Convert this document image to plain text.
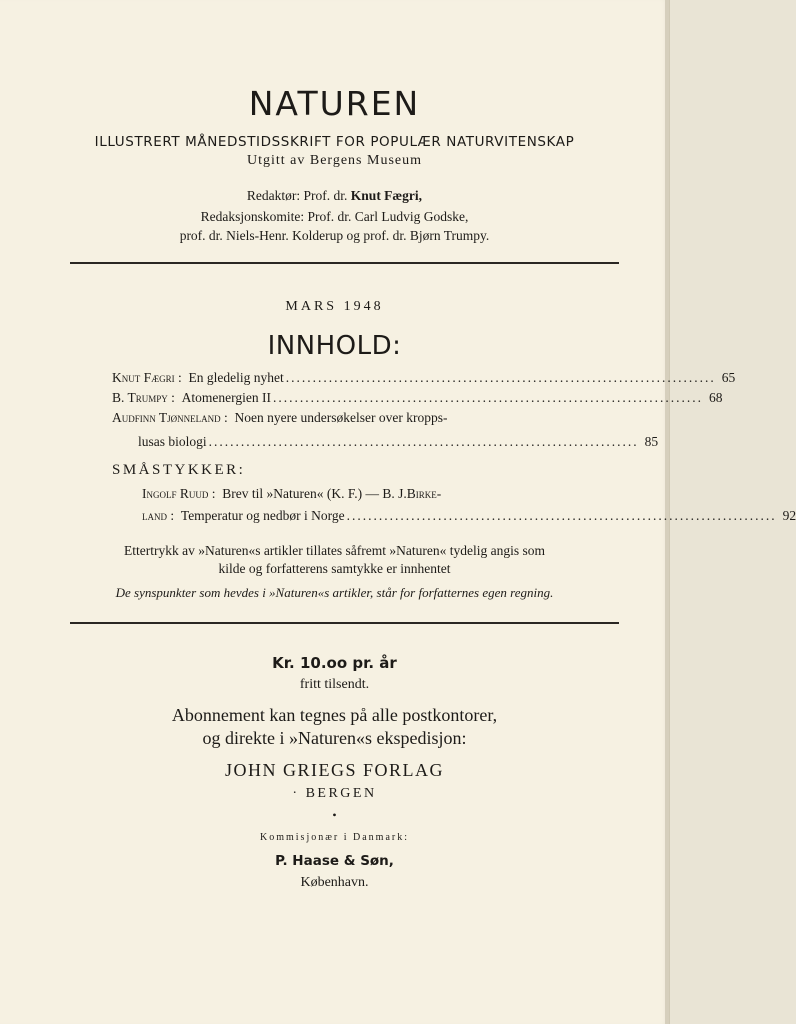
NATUREN
ILLUSTRERT MÅNEDSTIDSSKRIFT FOR POPULÆR NATURVITENSKAP
Utgitt av Bergens Museum
Redaktør: Prof. dr. Knut Fægri,
Redaksjonskomite: Prof. dr. Carl Ludvig Godske,
prof. dr. Niels-Henr. Kolderup og prof. dr. Bjørn Trumpy.
MARS 1948
INNHOLD:
Knut Fægri : En gledelig nyhet ................................................................................ 65
B. Trumpy : Atomenergien II ................................................................................ 68
Audfinn Tjønneland : Noen nyere undersøkelser over kropps-
lusas biologi ................................................................................ 85
SMÅSTYKKER:
Ingolf Ruud : Brev til »Naturen« (K. F.) — B. J. Birke-
land : Temperatur og nedbør i Norge ................................................................................ 92
Ettertrykk av »Naturen«s artikler tillates såfremt »Naturen« tydelig angis som
kilde og forfatterens samtykke er innhentet
De synspunkter som hevdes i »Naturen«s artikler, står for forfatternes egen regning.
Kr. 10.oo pr. år
fritt tilsendt.
Abonnement kan tegnes på alle postkontorer,
og direkte i »Naturen«s ekspedisjon:
JOHN GRIEGS FORLAG
· BERGEN
•
Kommisjonær i Danmark:
P. Haase & Søn,
København.
